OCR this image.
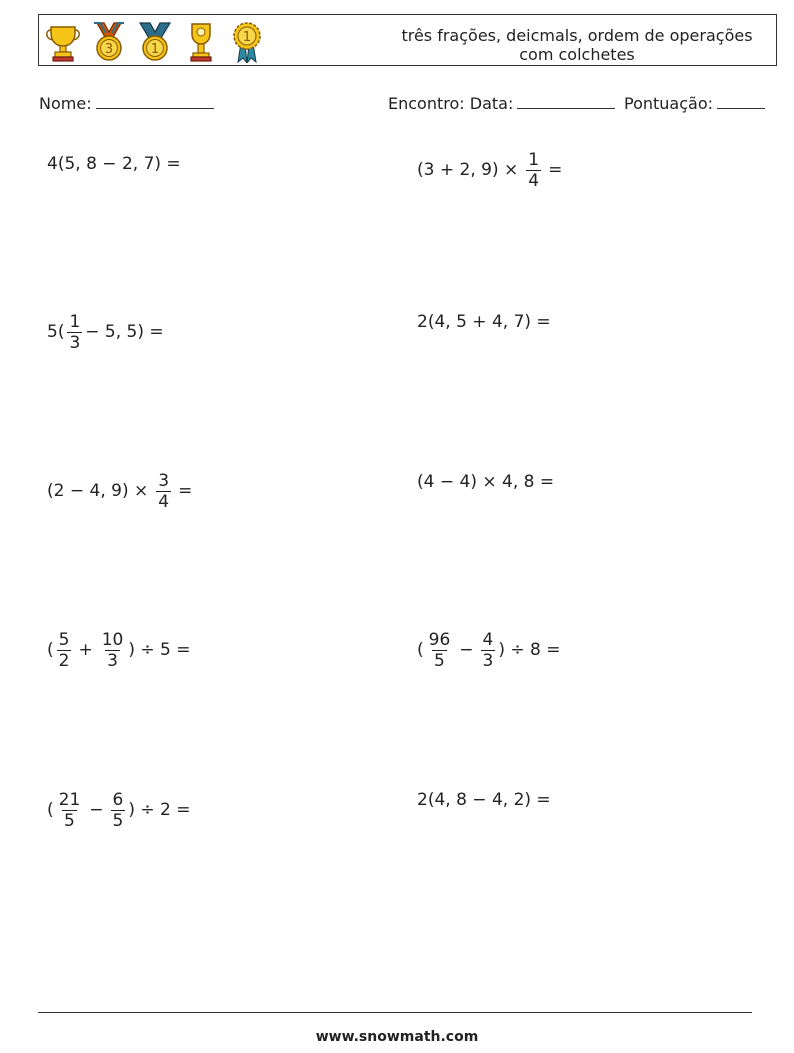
3	1
1	três frações, deicmals, ordem de operações
com colchetes
Nome:	Encontro: Data:	Pontuação:
4(5, 8 − 2, 7) =	(3 + 2, $9) \times \frac{1}{4}$ =
$5( \frac{1}{3} - 5$, 5) =	2(4, 5 + 4, 7) =
(2 − 4, $9) \times \frac{3}{4}$ =	(4 − 4) × 4, 8 =
( $\frac{5}{2} + \frac{10}{3}$ ) ÷ 5 =	( $\frac{96}{5} - \frac{4}{3}$ ) ÷ 8 =
( $\frac{21}{5} - \frac{6}{5}$ ) ÷ 2 =	2(4, 8 − 4, 2) =
www.snowmath.com
